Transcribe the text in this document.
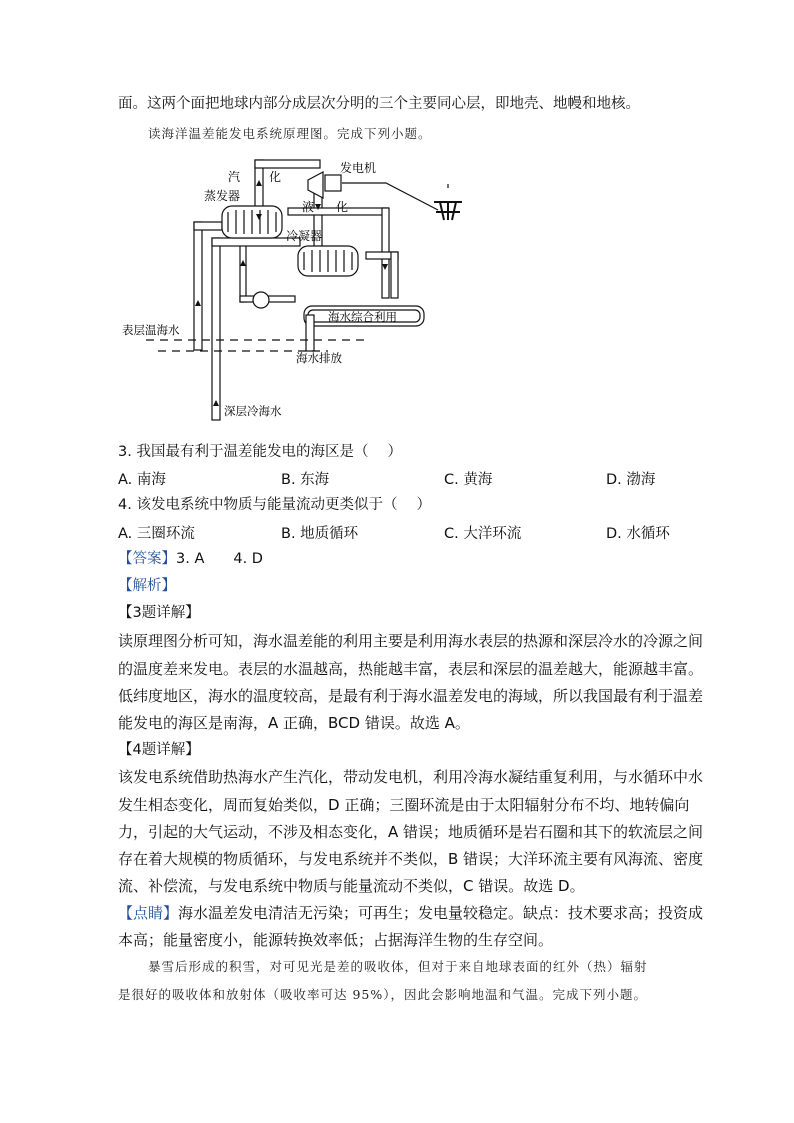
面。这两个面把地球内部分成层次分明的三个主要同心层，即地壳、地幔和地核。
读海洋温差能发电系统原理图。完成下列小题。
汽 化
蒸发器
发电机
液 化
冷凝器
表层温海水
海水综合利用
海水排放
深层冷海水
3. 我国最有利于温差能发电的海区是（　 ）
A. 南海	B. 东海	C. 黄海	D. 渤海
4. 该发电系统中物质与能量流动更类似于（　 ）
A. 三圈环流	B. 地质循环	C. 大洋环流	D. 水循环
【答案】3. A　　4. D
【解析】
【3题详解】
读原理图分析可知，海水温差能的利用主要是利用海水表层的热源和深层冷水的冷源之间
的温度差来发电。表层的水温越高，热能越丰富，表层和深层的温差越大，能源越丰富。
低纬度地区，海水的温度较高，是最有利于海水温差发电的海域，所以我国最有利于温差
能发电的海区是南海，A 正确，BCD 错误。故选 A。
【4题详解】
该发电系统借助热海水产生汽化，带动发电机，利用冷海水凝结重复利用，与水循环中水
发生相态变化，周而复始类似，D 正确；三圈环流是由于太阳辐射分布不均、地转偏向
力，引起的大气运动，不涉及相态变化，A 错误；地质循环是岩石圈和其下的软流层之间
存在着大规模的物质循环，与发电系统并不类似，B 错误；大洋环流主要有风海流、密度
流、补偿流，与发电系统中物质与能量流动不类似，C 错误。故选 D。
【点睛】海水温差发电清洁无污染；可再生；发电量较稳定。缺点：技术要求高；投资成
本高；能量密度小，能源转换效率低；占据海洋生物的生存空间。
暴雪后形成的积雪，对可见光是差的吸收体，但对于来自地球表面的红外（热）辐射
是很好的吸收体和放射体（吸收率可达 95%），因此会影响地温和气温。完成下列小题。
